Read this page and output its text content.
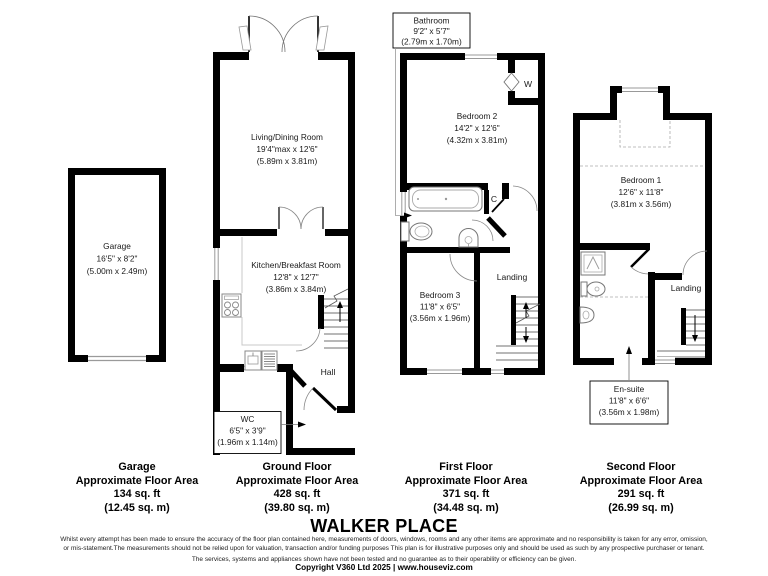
Garage
16'5" x 8'2"
(5.00m x 2.49m)
Living/Dining Room
19'4"max x 12'6"
(5.89m x 3.81m)
Kitchen/Breakfast Room
12'8" x 12'7"
(3.86m x 3.84m)
Hall
WC
6'5" x 3'9"
(1.96m x 1.14m)
W
C
Bedroom 2
14'2" x 12'6"
(4.32m x 3.81m)
Bedroom 3
11'8" x 6'5"
(3.56m x 1.96m)
Landing
Bathroom
9'2" x 5'7"
(2.79m x 1.70m)
Bedroom 1
12'6" x 11'8"
(3.81m x 3.56m)
Landing
En-suite
11'8" x 6'6"
(3.56m x 1.98m)
Garage
Approximate Floor Area
134 sq. ft
(12.45 sq. m)
Ground Floor
Approximate Floor Area
428 sq. ft
(39.80 sq. m)
First Floor
Approximate Floor Area
371 sq. ft
(34.48 sq. m)
Second Floor
Approximate Floor Area
291 sq. ft
(26.99 sq. m)
WALKER PLACE
Whilst every attempt has been made to ensure the accuracy of the floor plan contained here, measurements of doors, windows, rooms and any other items are approximate and no responsibility is taken for any error, omission,
or mis-statement.The measurements should not be relied upon for valuation, transaction and/or funding purposes This plan is for illustrative purposes only and should be used as such by any prospective purchaser or tenant.
The services, systems and appliances shown have not been tested and no guarantee as to their operability or efficiency can be given.
Copyright V360 Ltd 2025 | www.houseviz.com
